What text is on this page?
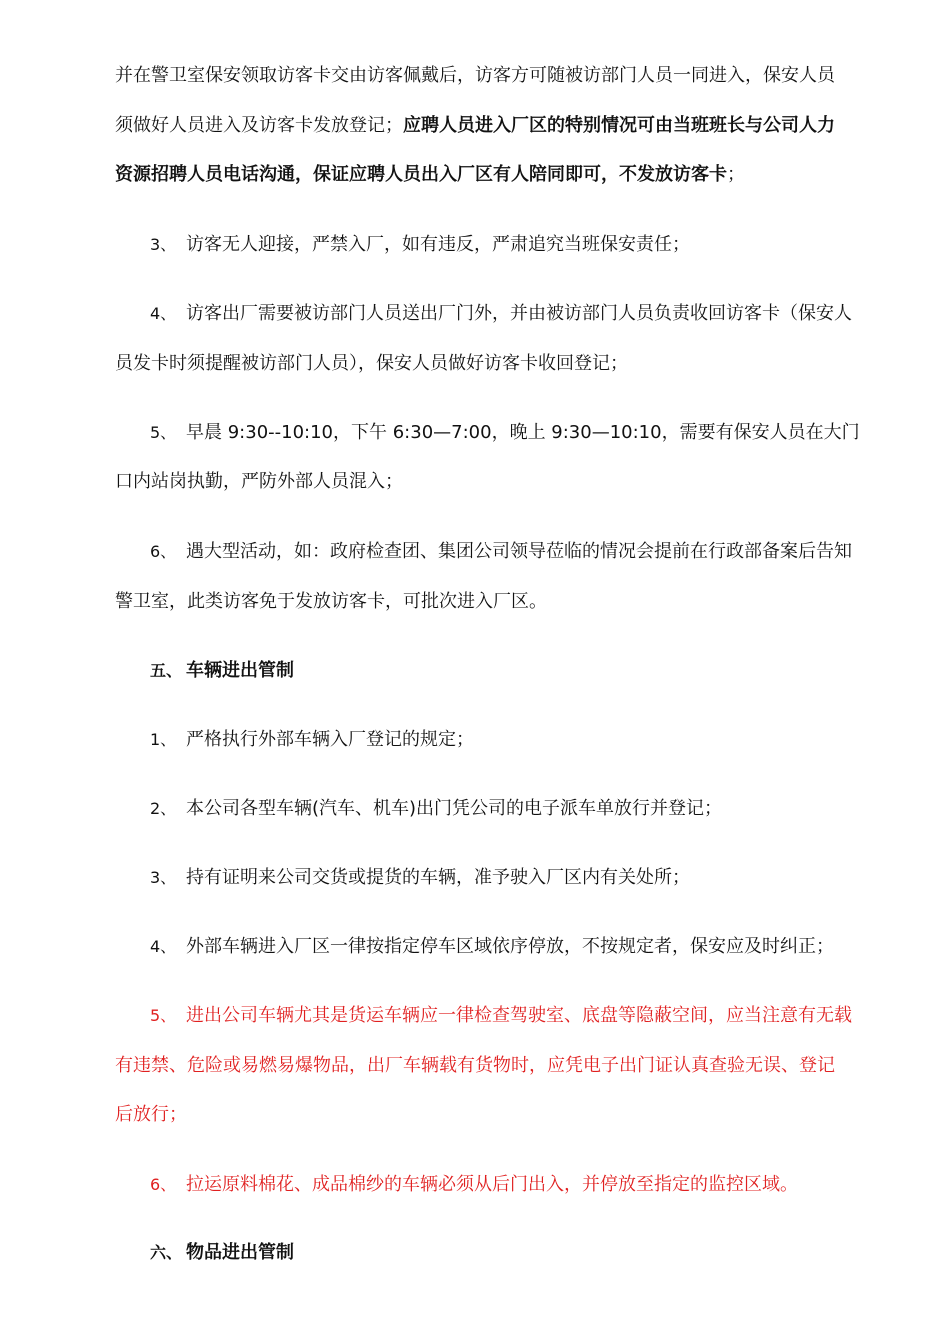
并在警卫室保安领取访客卡交由访客佩戴后，访客方可随被访部门人员一同进入，保安人员
须做好人员进入及访客卡发放登记；应聘人员进入厂区的特别情况可由当班班长与公司人力
资源招聘人员电话沟通，保证应聘人员出入厂区有人陪同即可，不发放访客卡；
3、 访客无人迎接，严禁入厂，如有违反，严肃追究当班保安责任；
4、 访客出厂需要被访部门人员送出厂门外，并由被访部门人员负责收回访客卡（保安人
员发卡时须提醒被访部门人员），保安人员做好访客卡收回登记；
5、 早晨 9:30--10:10，下午 6:30—7:00，晚上 9:30—10:10，需要有保安人员在大门
口内站岗执勤，严防外部人员混入；
6、 遇大型活动，如：政府检查团、集团公司领导莅临的情况会提前在行政部备案后告知
警卫室，此类访客免于发放访客卡，可批次进入厂区。
五、 车辆进出管制
1、 严格执行外部车辆入厂登记的规定；
2、 本公司各型车辆(汽车、机车)出门凭公司的电子派车单放行并登记；
3、 持有证明来公司交货或提货的车辆，准予驶入厂区内有关处所；
4、 外部车辆进入厂区一律按指定停车区域依序停放，不按规定者，保安应及时纠正；
5、 进出公司车辆尤其是货运车辆应一律检查驾驶室、底盘等隐蔽空间，应当注意有无载
有违禁、危险或易燃易爆物品，出厂车辆载有货物时，应凭电子出门证认真查验无误、登记
后放行；
6、 拉运原料棉花、成品棉纱的车辆必须从后门出入，并停放至指定的监控区域。
六、 物品进出管制
